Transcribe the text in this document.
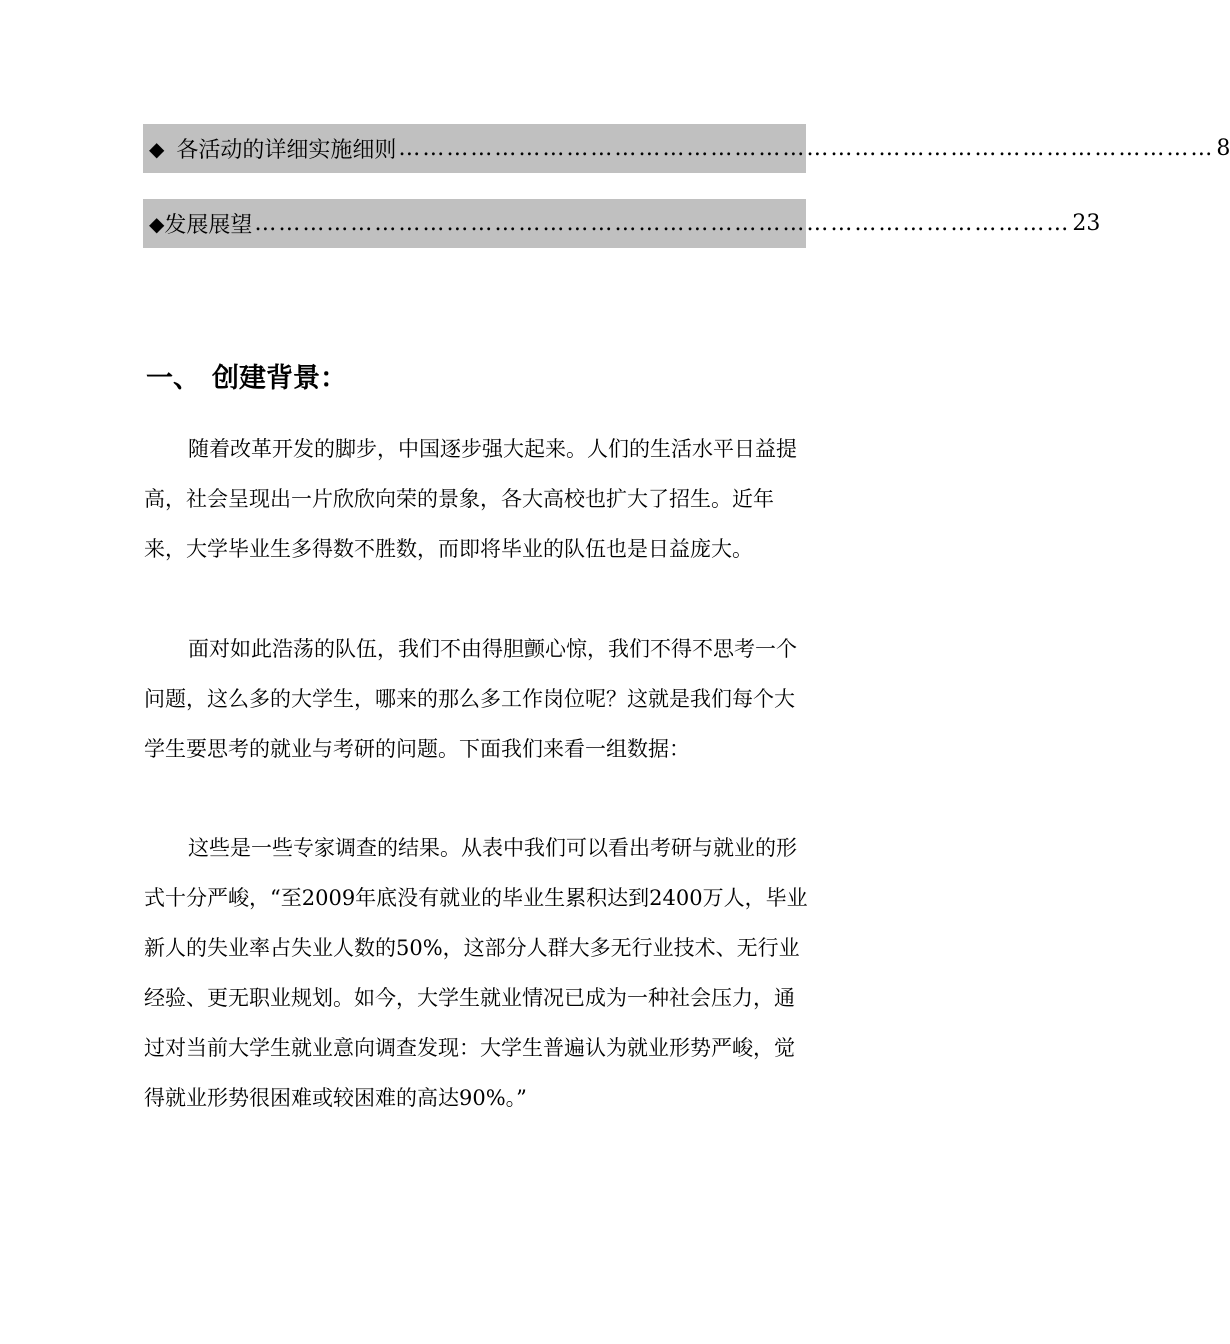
◆ 各活动的详细实施细则 ………………………………………………………………………………………… 8
◆ 发展展望 ………………………………………………………………………………………… 23
一、 创建背景：

随着改革开发的脚步，中国逐步强大起来。人们的生活水平日益提高，社会呈现出一片欣欣向荣的景象，各大高校也扩大了招生。近年来，大学毕业生多得数不胜数，而即将毕业的队伍也是日益庞大。

面对如此浩荡的队伍，我们不由得胆颤心惊，我们不得不思考一个问题，这么多的大学生，哪来的那么多工作岗位呢？这就是我们每个大学生要思考的就业与考研的问题。下面我们来看一组数据：

这些是一些专家调查的结果。从表中我们可以看出考研与就业的形式十分严峻，“至2009年底没有就业的毕业生累积达到2400万人，毕业新人的失业率占失业人数的50%，这部分人群大多无行业技术、无行业经验、更无职业规划。如今，大学生就业情况已成为一种社会压力，通过对当前大学生就业意向调查发现：大学生普遍认为就业形势严峻，觉得就业形势很困难或较困难的高达90%。”
